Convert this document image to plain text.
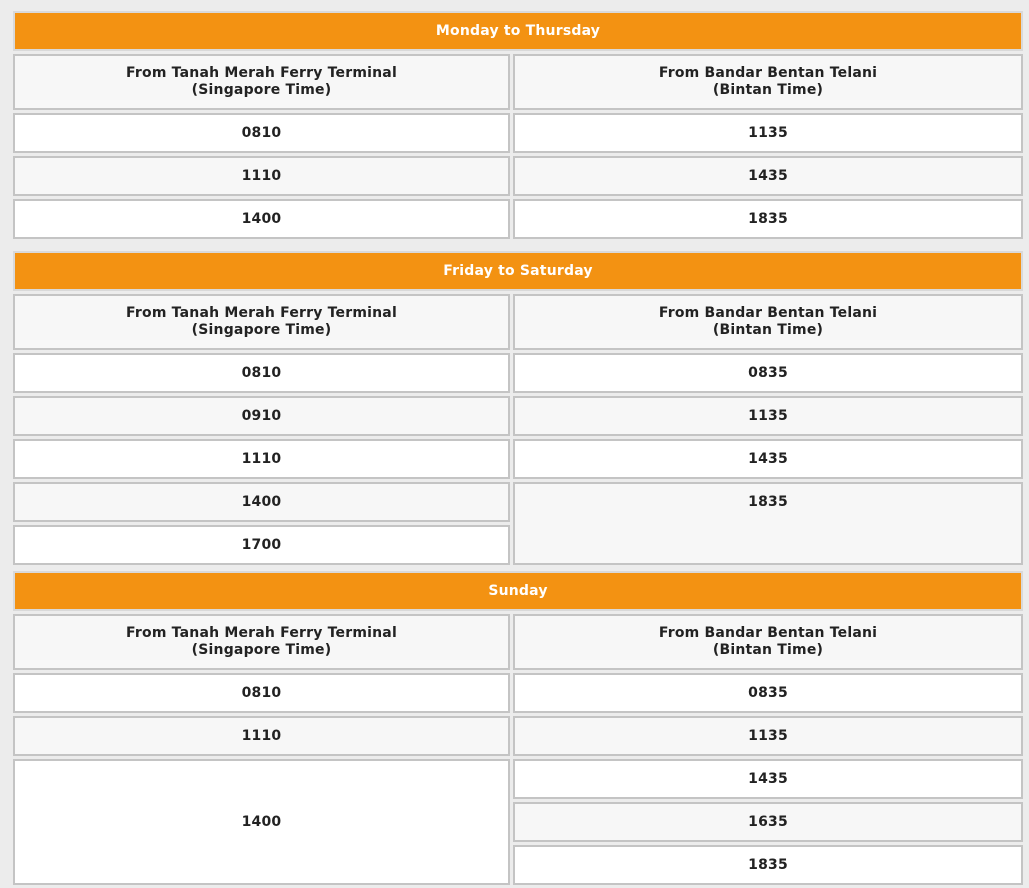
Monday to Thursday	
From Tanah Merah Ferry Terminal
(Singapore Time)	From Bandar Bentan Telani
(Bintan Time)
0810	1135
1110	1435
1400	1835
Friday to Saturday	
From Tanah Merah Ferry Terminal
(Singapore Time)	From Bandar Bentan Telani
(Bintan Time)
0810	0835
0910	1135
1110	1435
1400	1835
1700	
Sunday	
From Tanah Merah Ferry Terminal
(Singapore Time)	From Bandar Bentan Telani
(Bintan Time)
0810	0835
1110	1135
1400	1435
	1635
	1835
